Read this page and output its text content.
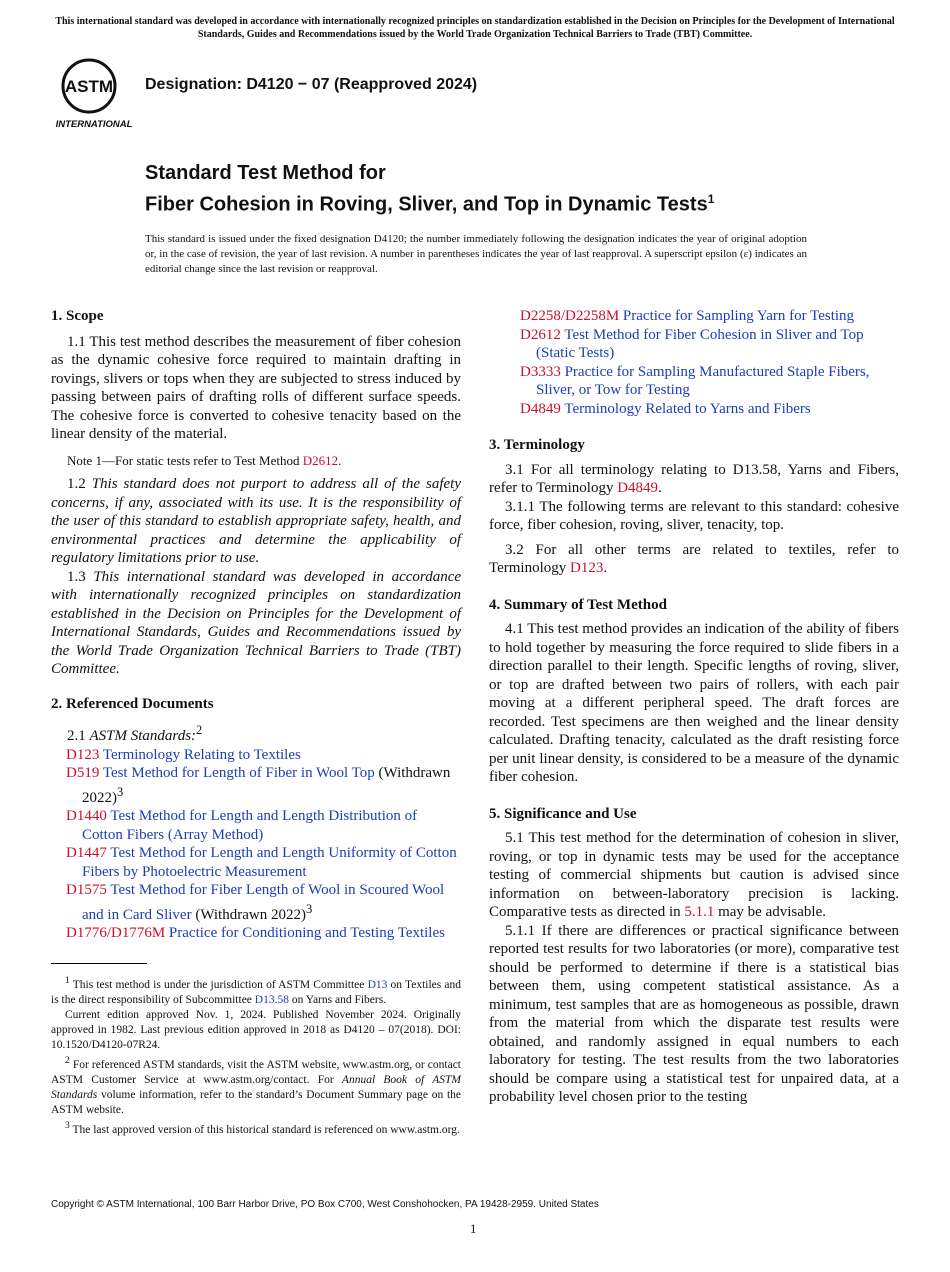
This international standard was developed in accordance with internationally recognized principles on standardization established in the Decision on Principles for the Development of International Standards, Guides and Recommendations issued by the World Trade Organization Technical Barriers to Trade (TBT) Committee.
ASTM
INTERNATIONAL
Designation: D4120 − 07 (Reapproved 2024)
Standard Test Method for
Fiber Cohesion in Roving, Sliver, and Top in Dynamic Tests$^1$
This standard is issued under the fixed designation D4120; the number immediately following the designation indicates the year of original adoption or, in the case of revision, the year of last revision. A number in parentheses indicates the year of last reapproval. A superscript epsilon (ε) indicates an editorial change since the last revision or reapproval.

1. Scope

1.1 This test method describes the measurement of fiber cohesion as the dynamic cohesive force required to maintain drafting in rovings, slivers or tops when they are subjected to stress induced by passing between pairs of drafting rolls of different surface speeds. The cohesive force is converted to cohesive tenacity based on the linear density of the material.

Note 1—For static tests refer to Test Method D2612.

1.2 This standard does not purport to address all of the safety concerns, if any, associated with its use. It is the responsibility of the user of this standard to establish appropriate safety, health, and environmental practices and determine the applicability of regulatory limitations prior to use.

1.3 This international standard was developed in accordance with internationally recognized principles on standardization established in the Decision on Principles for the Development of International Standards, Guides and Recommendations issued by the World Trade Organization Technical Barriers to Trade (TBT) Committee.

2. Referenced Documents

2.1 ASTM Standards:$^2$

D123 Terminology Relating to Textiles

D519 Test Method for Length of Fiber in Wool Top (Withdrawn 2022)$^3$

D1440 Test Method for Length and Length Distribution of Cotton Fibers (Array Method)

D1447 Test Method for Length and Length Uniformity of Cotton Fibers by Photoelectric Measurement

D1575 Test Method for Fiber Length of Wool in Scoured Wool and in Card Sliver (Withdrawn 2022)$^3$

D1776/D1776M Practice for Conditioning and Testing Textiles

$^1$ This test method is under the jurisdiction of ASTM Committee D13 on Textiles and is the direct responsibility of Subcommittee D13.58 on Yarns and Fibers.

Current edition approved Nov. 1, 2024. Published November 2024. Originally approved in 1982. Last previous edition approved in 2018 as D4120 – 07(2018). DOI: 10.1520/D4120-07R24.

$^2$ For referenced ASTM standards, visit the ASTM website, www.astm.org, or contact ASTM Customer Service at www.astm.org/contact. For Annual Book of ASTM Standards volume information, refer to the standard’s Document Summary page on the ASTM website.

$^3$ The last approved version of this historical standard is referenced on www.astm.org.

D2258/D2258M Practice for Sampling Yarn for Testing

D2612 Test Method for Fiber Cohesion in Sliver and Top (Static Tests)

D3333 Practice for Sampling Manufactured Staple Fibers, Sliver, or Tow for Testing

D4849 Terminology Related to Yarns and Fibers

3. Terminology

3.1 For all terminology relating to D13.58, Yarns and Fibers, refer to Terminology D4849.

3.1.1 The following terms are relevant to this standard: cohesive force, fiber cohesion, roving, sliver, tenacity, top.

3.2 For all other terms are related to textiles, refer to Terminology D123.

4. Summary of Test Method

4.1 This test method provides an indication of the ability of fibers to hold together by measuring the force required to slide fibers in a direction parallel to their length. Specific lengths of roving, sliver, or top are drafted between two pairs of rollers, with each pair moving at a different peripheral speed. The draft forces are recorded. Test specimens are then weighed and the linear density calculated. Drafting tenacity, calculated as the draft resisting force per unit linear density, is considered to be a measure of the dynamic fiber cohesion.

5. Significance and Use

5.1 This test method for the determination of cohesion in sliver, roving, or top in dynamic tests may be used for the acceptance testing of commercial shipments but caution is advised since information on between-laboratory precision is lacking. Comparative tests as directed in 5.1.1 may be advisable.

5.1.1 If there are differences or practical significance between reported test results for two laboratories (or more), comparative test should be performed to determine if there is a statistical bias between them, using competent statistical assistance. As a minimum, test samples that are as homogeneous as possible, drawn from the material from which the disparate test results were obtained, and randomly assigned in equal numbers to each laboratory for testing. The test results from the two laboratories should be compare using a statistical test for unpaired data, at a probability level chosen prior to the testing

Copyright © ASTM International, 100 Barr Harbor Drive, PO Box C700, West Conshohocken, PA 19428-2959. United States
1
